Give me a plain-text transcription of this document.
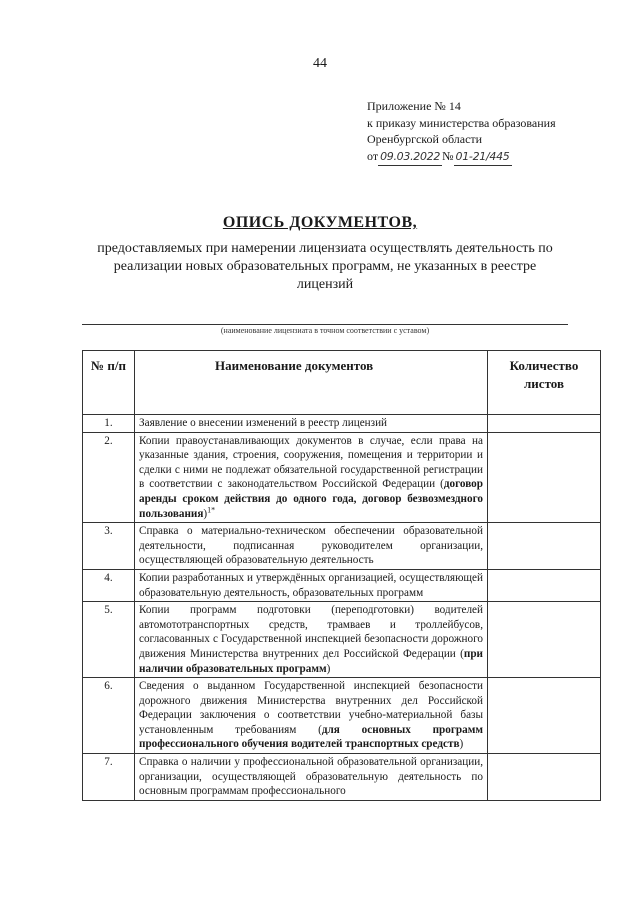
44
Приложение № 14
к приказу министерства образования
Оренбургской области
от 09.03.2022 № 01-21/445
ОПИСЬ ДОКУМЕНТОВ,
предоставляемых при намерении лицензиата осуществлять деятельность по реализации новых образовательных программ, не указанных в реестре лицензий
(наименование лицензиата в точном соответствии с уставом)
№ п/п	Наименование документов	Количество листов
1.	Заявление о внесении изменений в реестр лицензий	
2.	Копии правоустанавливающих документов в случае, если права на указанные здания, строения, сооружения, помещения и территории и сделки с ними не подлежат обязательной государственной регистрации в соответствии с законодательством Российской Федерации (договор аренды сроком действия до одного года, договор безвозмездного пользования)$^{1*}$	
3.	Справка о материально-техническом обеспечении образовательной деятельности, подписанная руководителем организации, осуществляющей образовательную деятельность	
4.	Копии разработанных и утверждённых организацией, осуществляющей образовательную деятельность, образовательных программ	
5.	Копии программ подготовки (переподготовки) водителей автомототранспортных средств, трамваев и троллейбусов, согласованных с Государственной инспекцией безопасности дорожного движения Министерства внутренних дел Российской Федерации (при наличии образовательных программ)	
6.	Сведения о выданном Государственной инспекцией безопасности дорожного движения Министерства внутренних дел Российской Федерации заключения о соответствии учебно-материальной базы установленным требованиям (для основных программ профессионального обучения водителей транспортных средств)	
7.	Справка о наличии у профессиональной образовательной организации, организации, осуществляющей образовательную деятельность по основным программам профессионального	
